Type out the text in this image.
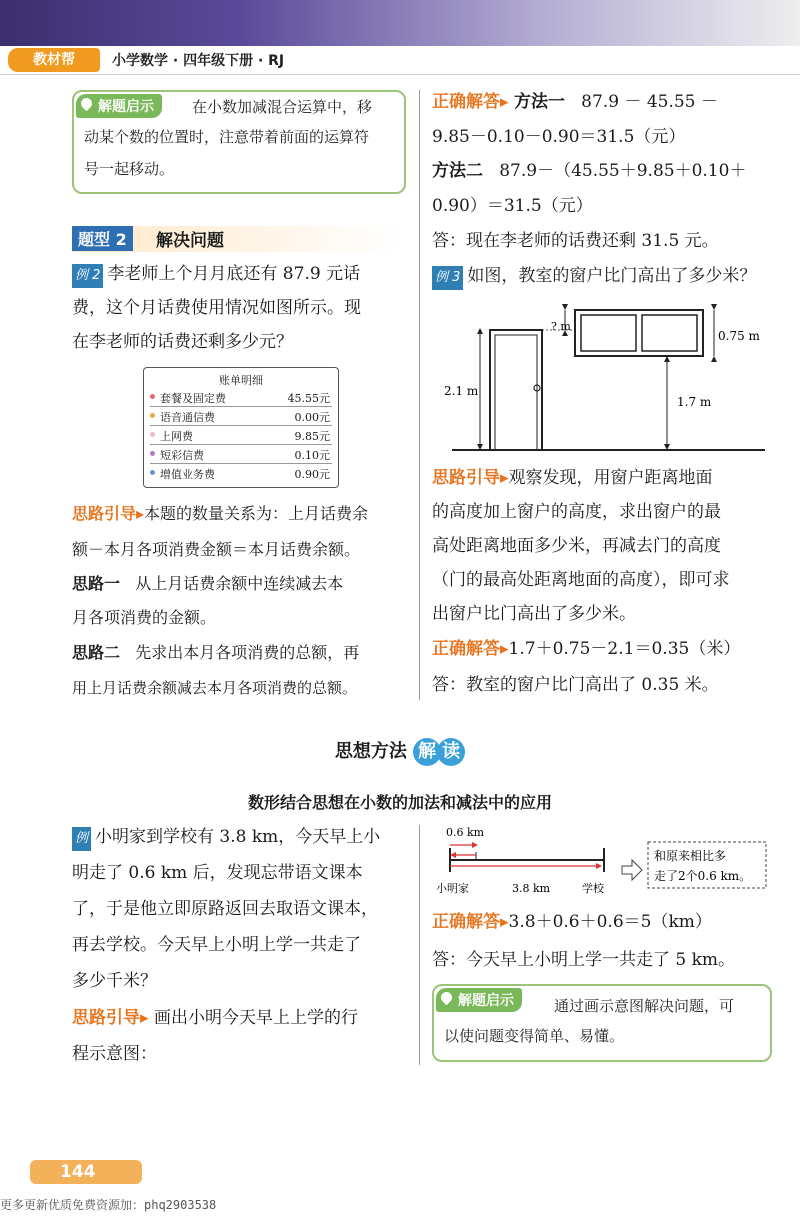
教材帮	小学数学 · 四年级下册 · RJ
解题启示	在小数加减混合运算中，移
动某个数的位置时，注意带着前面的运算符
号一起移动。
题型 2	解决问题
例 2 李老师上个月月底还有 87.9 元话
费，这个月话费使用情况如图所示。现
在李老师的话费还剩多少元？
账单明细
套餐及固定费	45.55元
语音通信费	0.00元
上网费	9.85元
短彩信费	0.10元
增值业务费	0.90元
思路引导▸本题的数量关系为：上月话费余
额－本月各项消费金额＝本月话费余额。
思路一 从上月话费余额中连续减去本
月各项消费的金额。
思路二 先求出本月各项消费的总额，再
用上月话费余额减去本月各项消费的总额。
正确解答▸ 方法一 87.9 － 45.55 －
9.85－0.10－0.90＝31.5（元）
方法二 87.9－（45.55＋9.85＋0.10＋
0.90）＝31.5（元）
答：现在李老师的话费还剩 31.5 元。
例 3 如图，教室的窗户比门高出了多少米？
? m
0.75 m
2.1 m
1.7 m
思路引导▸观察发现，用窗户距离地面
的高度加上窗户的高度，求出窗户的最
高处距离地面多少米，再减去门的高度
（门的最高处距离地面的高度），即可求
出窗户比门高出了多少米。
正确解答▸1.7＋0.75－2.1＝0.35（米）
答：教室的窗户比门高出了 0.35 米。
思想方法 解 读
数形结合思想在小数的加法和减法中的应用
例 小明家到学校有 3.8 km，今天早上小
明走了 0.6 km 后，发现忘带语文课本
了，于是他立即原路返回去取语文课本，
再去学校。今天早上小明上学一共走了
多少千米？
思路引导▸ 画出小明今天早上上学的行
程示意图：
0.6 km
小明家	3.8 km	学校
和原来相比多
走了2个0.6 km。
正确解答▸3.8＋0.6＋0.6＝5（km）
答：今天早上小明上学一共走了 5 km。
解题启示	通过画示意图解决问题，可
以使问题变得简单、易懂。
144
更多更新优质免费资源加：phq2903538
